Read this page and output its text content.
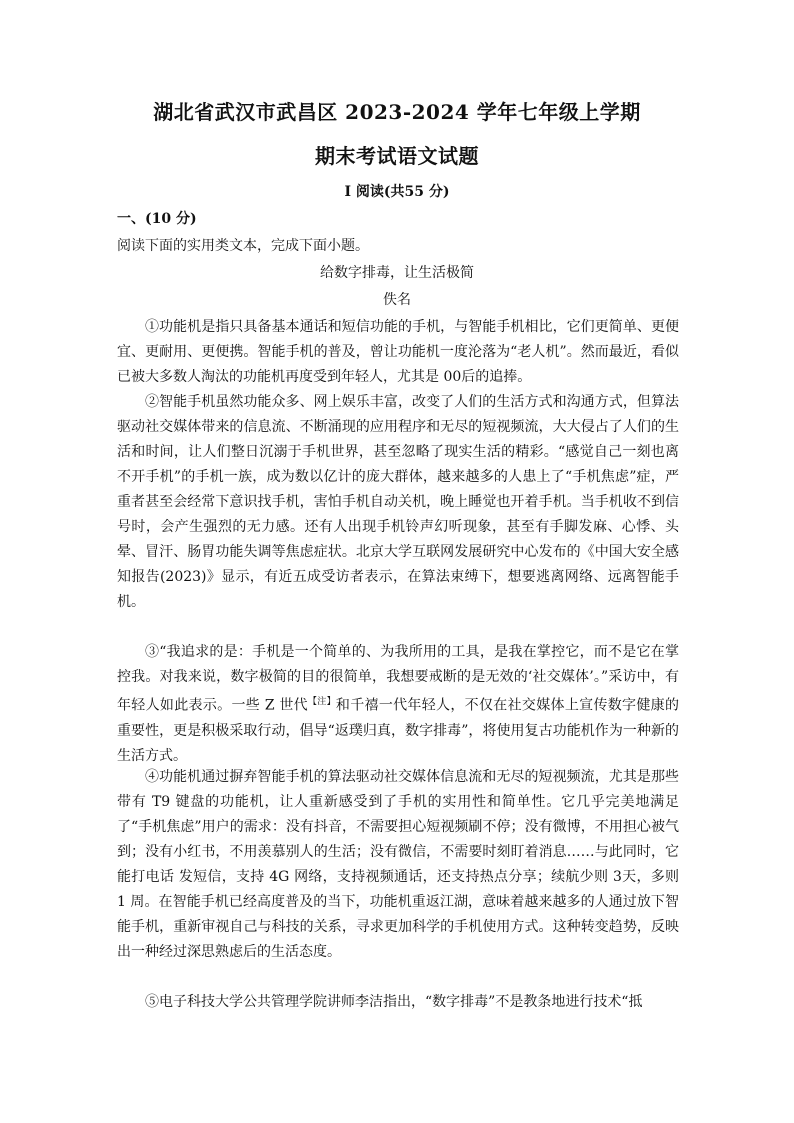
湖北省武汉市武昌区 2023-2024 学年七年级上学期
期末考试语文试题
Ⅰ 阅读(共55 分)
一、(10 分)
阅读下面的实用类文本，完成下面小题。
给数字排毒，让生活极简
佚名

①功能机是指只具备基本通话和短信功能的手机，与智能手机相比，它们更简单、更便宜、更耐用、更便携。智能手机的普及，曾让功能机一度沦落为“老人机”。然而最近，看似已被大多数人淘汰的功能机再度受到年轻人，尤其是 00后的追捧。

②智能手机虽然功能众多、网上娱乐丰富，改变了人们的生活方式和沟通方式，但算法驱动社交媒体带来的信息流、不断涌现的应用程序和无尽的短视频流，大大侵占了人们的生活和时间，让人们整日沉溺于手机世界，甚至忽略了现实生活的精彩。“感觉自己一刻也离不开手机”的手机一族，成为数以亿计的庞大群体，越来越多的人患上了“手机焦虑”症，严重者甚至会经常下意识找手机，害怕手机自动关机，晚上睡觉也开着手机。当手机收不到信号时，会产生强烈的无力感。还有人出现手机铃声幻听现象，甚至有手脚发麻、心悸、头晕、冒汗、肠胃功能失调等焦虑症状。北京大学互联网发展研究中心发布的《中国大安全感知报告(2023)》显示，有近五成受访者表示，在算法束缚下，想要逃离网络、远离智能手机。

③“我追求的是：手机是一个简单的、为我所用的工具，是我在掌控它，而不是它在掌控我。对我来说，数字极简的目的很简单，我想要戒断的是无效的‘社交媒体’。”采访中，有年轻人如此表示。一些 Z 世代$^{【注】}$和千禧一代年轻人，不仅在社交媒体上宣传数字健康的重要性，更是积极采取行动，倡导“返璞归真，数字排毒”，将使用复古功能机作为一种新的生活方式。

④功能机通过摒弃智能手机的算法驱动社交媒体信息流和无尽的短视频流，尤其是那些带有 T9 键盘的功能机，让人重新感受到了手机的实用性和简单性。它几乎完美地满足了“手机焦虑”用户的需求：没有抖音，不需要担心短视频刷不停；没有微博，不用担心被气到；没有小红书，不用羡慕别人的生活；没有微信，不需要时刻盯着消息……与此同时，它能打电话 发短信，支持 4G 网络，支持视频通话，还支持热点分享；续航少则 3天，多则 1 周。在智能手机已经高度普及的当下，功能机重返江湖，意味着越来越多的人通过放下智能手机，重新审视自己与科技的关系，寻求更加科学的手机使用方式。这种转变趋势，反映出一种经过深思熟虑后的生活态度。

⑤电子科技大学公共管理学院讲师李洁指出，“数字排毒”不是教条地进行技术“抵
